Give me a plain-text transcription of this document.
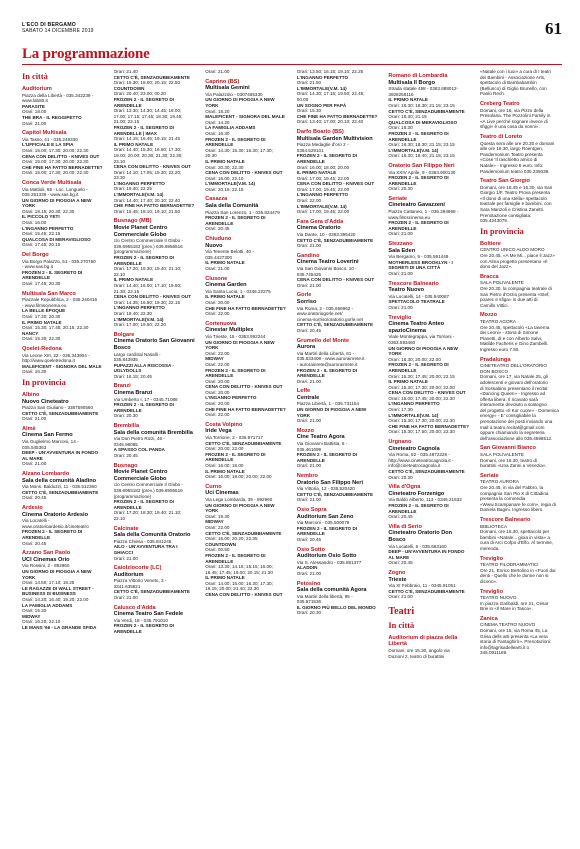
L'ECO DI BERGAMO
SABATO 14 DICEMBRE 2019	61
La programmazione
In città
Auditorium
Piazza della Libertà - 035.342239 -
www.lab80.it
PARASITE
Orari: 18.00
THE BRA - IL REGGIPETTO
Orari: 21.00
Capitol Multisala
Via Tasso, 41 - 035.249330
L'UFFICIALE E LA SPIA
Orari: 15.00; 17.30; 20.00; 22.30
CENA CON DELITTO - KNIVES OUT
Orari: 15.00; 17.30; 20.00; 22.30
CHE FINE HA FATTO BERNADETTE?
Orari: 15.00; 17.30; 20.00; 22.30
Conca Verde Multisala
Via Mattioli, 65 - Loc. Longuelo -
035.251339 - www.sas.bg.it
UN GIORNO DI PIOGGIA A NEW YORK
Orari: 18.15; 20.30; 22.30
IL PICCOLO YETI
Orari: 16.00
L'INGANNO PERFETTO
Orari: 15.45; 22.15
QUALCOSA DI MERAVIGLIOSO
Orari: 17.45; 20.15
Del Borgo
Via Borgo Palazzo, 51 - 035.270760
- www.sas.bg.it
FROZEN 2 - IL SEGRETO DI ARENDELLE
Orari: 17.45; 20.30
Multisala San Marco
Piazzale Repubblica, 2 - 035.240416
- www.filmscinema.eu
LA BELLE ÉPOQUE
Orari: 17.30; 20.30
IL PRIMO NATALE
Orari: 15.30; 17.45; 20.15; 22.30
NANCY
Orari: 15.30; 22.30
Qoelet-Redona
Via Leone XIII, 22 - 035.343904 -
http://www.qoeletredona.it
MALEFICENT - SIGNORA DEL MALE
Orari: 16.30
In provincia
Albino
Nuovo Cineteatro
Piazza San Giuliano - 3387590560
CETTO C'È, SENZADUBBIAMENTE
Orari: 21.00
Almè
Cinema San Fermo
Via Guglielmo Marconi, 14 -
035.545363
DEEP - UN'AVVENTURA IN FONDO AL MARE
Orari: 21.00
Alzano Lombardo
Sala della comunità Aladino
Via Mons. Balduzzi, 11 - 035.512360
CETTO C'È, SENZADUBBIAMENTE
Orari: 20.45
Ardesio
Cinema Oratorio Ardesio
Via Locatelli -
www.oratorioardesio.it/cineteatro
FROZEN 2 - IL SEGRETO DI ARENDELLE
Orari: 20.45
Azzano San Paolo
UCI Cinemas Orio
Via Rossini, 2 - 892960
UN GIORNO DI PIOGGIA A NEW YORK
Orari: 14.50; 17.10; 19.25
LE RAGAZZE DI WALL STREET - BUSINESS IS BUSINESS
Orari: 14.20; 16.40; 19.20; 22.00
LA FAMIGLIA ADDAMS
Orari: 15.30
MIDWAY
Orari: 16.20; 22.10
LE MANS '66 - LA GRANDE SFIDA
Orari: 21.40
CETTO C'È, SENZADUBBIAMENTE
Orari: 15.30; 18.00; 20.15; 22.50
COUNTDOWN
Orari: 20.40; 23.00; 00.20
FROZEN 2 - IL SEGRETO DI ARENDELLE
Orari: 13.30; 14.30; 14.45; 16.00;
17.00; 17.15; 17.45; 18.30; 19.45;
21.00; 22.15
FROZEN 2 - IL SEGRETO DI ARENDELLE | IMAX
Orari: 14.15; 16.45; 19.15; 21.45
IL PRIMO NATALE
Orari: 14.40; 15.30; 16.50; 17.30;
19.00; 20.00; 20.30; 21.30; 22.30;
23.10
CENA CON DELITTO - KNIVES OUT
Orari: 14.10; 17.05; 19.30; 22.20;
23.30
L'INGANNO PERFETTO
Orari: 19.40; 22.25
L'IMMORTALE(V.M. 14)
Orari: 14.40; 17.40; 20.10; 22.40
CHE FINE HA FATTO BERNADETTE?
Orari: 15.45; 18.10; 19.10; 21.50
Busnago (MB)
Movie Planet Centro Commerciale Globo
c/o Centro Commerciale Il Globo -
039.6955182 (prev.) 039.6956516
(programmazione)
FROZEN 2 - IL SEGRETO DI ARENDELLE
Orari: 17.20; 18.30; 19.40; 21.10;
22.10
IL PRIMO NATALE
Orari: 14.40; 16.00; 17.10; 19.50;
21.30; 22.15
CENA CON DELITTO - KNIVES OUT
Orari: 14.35; 16.50; 19.30; 22.15
L'INGANNO PERFETTO
Orari: 19.40; 22.30
L'IMMORTALE(V.M. 14)
Orari: 17.00; 19.50; 22.20
Bolgare
Cinema Oratorio San Giovanni Bosco
Largo cardinal Nasalli -
035.843935
PUPAZZI ALLA RISCOSSA - UGLYDOLLS
Orari: 16.15; 20.45
Branzi
Cinema Branzi
Via Umberto I, 17 - 0345.71088
FROZEN 2 - IL SEGRETO DI ARENDELLE
Orari: 20.30
Brembilla
Sala della comunità Brembilla
Via Don Pietro Rizzi, 46 -
0345.98065
A SPASSO COL PANDA
Orari: 20.45
Busnago
Movie Planet Centro Commerciale Globo
c/o Centro Commerciale Il Globo -
039.6955182 (prev.) 039.6956516
(programmazione)
FROZEN 2 - IL SEGRETO DI ARENDELLE
Orari: 17.20; 18.30; 19.40; 21.10;
22.10
Calcinate
Sala della Comunità Oratorio
Piazza Chiesa - 035.841245
AILO - UN'AVVENTURA TRA I GHIACCI
Orari: 21.00
Caiolziocorte (LC)
Auditorium
Piazza Vittorio Veneto, 3 -
0341.635821
CETTO C'È, SENZADUBBIAMENTE
Orari: 21.00
Calusco d'Adda
Cinema Teatro San Fedele
Via Verdi, 18 - 035.791010
FROZEN 2 - IL SEGRETO DI ARENDELLE
Orari: 21.00
Caprino (BS)
Multisala Gemini
Via Palazzolo - 0307465330
UN GIORNO DI PIOGGIA A NEW YORK
Orari: 18.20
MALEFICENT - SIGNORA DEL MALE
Orari: 14.20
LA FAMIGLIA ADDAMS
Orari: 16.30
FROZEN 2 - IL SEGRETO DI ARENDELLE
Orari: 14.30; 15.30; 16.30; 17.30;
20.30
IL PRIMO NATALE
Orari: 20.30; 22.30
CENA CON DELITTO - KNIVES OUT
Orari: 16.00; 22.10
L'IMMORTALE(V.M. 14)
Orari: 20.15; 22.15
Casazza
Sala della Comunità
Piazza San Lorenzo, 1 - 035.824479
FROZEN 2 - IL SEGRETO DI ARENDELLE
Orari: 20.45
Chiuduno
Nuovo
Via Tenente Belotti, 40 -
035.4427300
IL PRIMO NATALE
Orari: 21.00
Clusone
Cinema Garden
Via Santa Lucia, 1 - 0346.22275
IL PRIMO NATALE
Orari: 20.00
CHE FINE HA FATTO BERNADETTE?
Orari: 22.00
Cortenuova
Cinestar Multiplex
Via Trieste, 15 - 0363.992244
UN GIORNO DI PIOGGIA A NEW YORK
Orari: 22.00
MIDWAY
Orari: 22.00
FROZEN 2 - IL SEGRETO DI ARENDELLE
Orari: 20.00
CENA CON DELITTO - KNIVES OUT
Orari: 20.00
L'INGANNO PERFETTO
Orari: 20.00
CHE FINE HA FATTO BERNADETTE?
Orari: 22.00
Costa Volpino
Iride Vega
Via Torrione, 2 - 035.971717
CETTO C'È, SENZADUBBIAMENTE
Orari: 20.00; 22.00
FROZEN 2 - IL SEGRETO DI ARENDELLE
Orari: 16.00; 18.00
IL PRIMO NATALE
Orari: 16.00; 18.00; 20.00; 22.00
Curno
Uci Cinemas
Via Lega Lombarda, 39 - 892960
UN GIORNO DI PIOGGIA A NEW YORK
Orari: 19.30
MIDWAY
Orari: 22.00
CETTO C'È, SENZADUBBIAMENTE
Orari: 16.00; 20.20; 22.35
COUNTDOWN
Orari: 00.50
FROZEN 2 - IL SEGRETO DI ARENDELLE
Orari: 13.30; 14.15; 15.15; 16.00;
16.45; 17.45; 19.00; 20.15; 21.30
IL PRIMO NATALE
Orari: 14.00; 15.00; 16.30; 17.30;
19.15; 20.00; 21.40; 22.30
CENA CON DELITTO - KNIVES OUT
Orari: 13.50; 16.15; 19.10; 22.25
L'INGANNO PERFETTO
Orari: 21.50
L'IMMORTALE(V.M. 14)
Orari: 14.30; 17.15; 19.50; 22.45;
00.00
UN SOGNO PER PAPÀ
Orari: 15.30
CHE FINE HA FATTO BERNADETTE?
Orari: 13.40; 17.00; 20.10; 22.40
Darfo Boario (BS)
Multisala Garden Multivision
Piazza Medaglie d'oro 2 -
0364.529101
FROZEN 2 - IL SEGRETO DI ARENDELLE
Orari: 16.00; 18.00; 20.00
IL PRIMO NATALE
Orari: 17.00; 19.45; 22.00
CENA CON DELITTO - KNIVES OUT
Orari: 17.00; 19.45; 22.00
L'INGANNO PERFETTO
Orari: 22.00
L'IMMORTALE(V.M. 14)
Orari: 17.00; 19.45; 22.00
Fara Gera d'Adda
Cinema Oratorio
Via Dante, 10 - 0363.395420
CETTO C'È, SENZADUBBIAMENTE
Orari: 21.00
Gandino
Cinema Teatro Loverini
Via San Giovanni Bosco, 10 -
035.745425
CENA CON DELITTO - KNIVES OUT
Orari: 21.00
Gorle
Sorriso
Via Roma, 2 - 035.656962 -
www.oratoriogorle.net/
cinema-sorriso/oratorio.gorle.net
CETTO C'È, SENZADUBBIAMENTE
Orari: 20.45
Grumello del Monte
Aurora
Via Martiri della Libertà, 61 -
035.833408 - www.aurorainrete.it
- aurorainrete@aurorainrete.it
FROZEN 2 - IL SEGRETO DI ARENDELLE
Orari: 21.00
Leffe
Centrale
Piazza Libertà, 1 - 035.731154
UN GIORNO DI PIOGGIA A NEW YORK
Orari: 21.00
Mozzo
Cine Teatro Agora
Via Giovanni Battista, 6 -
035.461699
FROZEN 2 - IL SEGRETO DI ARENDELLE
Orari: 21.00
Nembro
Oratorio San Filippo Neri
Via Vittoria, 12 - 035.520420
CETTO C'È, SENZADUBBIAMENTE
Orari: 21.00
Osio Sopra
Auditorium San Zeno
Via Marconi - 035.500079
FROZEN 2 - IL SEGRETO DI ARENDELLE
Orari: 20.45
Osio Sotto
Auditorium Osio Sotto
Via S. Alessandro - 035.881377
ALADDIN
Orari: 21.00
Petosino
Sala della comunità Agora
Via Martiri della libertà, 95 -
035.571536
IL GIORNO PIÙ BELLO DEL MONDO
Orari: 20.30
Romano di Lombardia
Multisala Il Borgo
Strada statale 498 - 0363.688012-
3928258116
IL PRIMO NATALE
Orari: 16.30; 18.30; 21.15; 23.15
CETTO C'È, SENZADUBBIAMENTE
Orari: 16.30; 21.15
QUALCOSA DI MERAVIGLIOSO
Orari: 16.30
FROZEN 2 - IL SEGRETO DI ARENDELLE
Orari: 16.30; 18.30; 21.15; 23.15
L'IMMORTALE(V.M. 14)
Orari: 16.30; 18.40; 21.15; 23.15
Oratorio San Filippo Neri
Via XXIV Aprile, 9 - 0363.900130
FROZEN 2 - IL SEGRETO DI ARENDELLE
Orari: 20.30
Seriate
Cineteatro Gavazzeni
Piazza Cattaneo, 1 - 035.294868 -
www.filmscinema.eu
FROZEN 2 - IL SEGRETO DI ARENDELLE
Orari: 21.00
Stezzano
Sala Eden
Via Bergamo, 9 - 035.591449
MOTHERLESS BROOKLYN - I SEGRETI DI UNA CITTÀ
Orari: 21.00
Trescore Balneario
Teatro Nuovo
Via Locatelli, 14 - 035.940087
SPETTACOLO TEATRALE
Orari: 21.00
Treviglio
Cinema Teatro Anteo spazioCinema
Viale Montegrappa, via Torriani -
0363.593460
UN GIORNO DI PIOGGIA A NEW YORK
Orari: 16.30; 20.00; 22.00
FROZEN 2 - IL SEGRETO DI ARENDELLE
Orari: 15.30; 17.45; 20.00; 22.15
IL PRIMO NATALE
Orari: 15.30; 17.30; 20.00; 22.00
CENA CON DELITTO - KNIVES OUT
Orari: 15.00; 17.45; 20.00; 22.30
L'INGANNO PERFETTO
Orari: 17.30
L'IMMORTALE(V.M. 14)
Orari: 15.30; 17.30; 20.00; 22.30
CHE FINE HA FATTO BERNADETTE?
Orari: 15.30; 17.50; 20.00; 22.30
Urgnano
Cineteatro Cagnola
Via Roma, 82 - 035.4872228 -
http://www.cineteatrocagnola.it -
info@cineteatrocagnola.it
CETTO C'È, SENZADUBBIAMENTE
Orari: 20.30
Villa d'Ogna
Cineteatro Forzenigo
Via Baldo Alberto, 113 - 0346.21532
FROZEN 2 - IL SEGRETO DI ARENDELLE
Orari: 20.45
Villa di Serio
Cineteatro Oratorio Don Bosco
Via Locatelli, 6 - 035.663160
DEEP - UN'AVVENTURA IN FONDO AL MARE
Orari: 20.45
Zogno
Trieste
Via XI Febbraio, 11 - 0345.91051
CETTO C'È, SENZADUBBIAMENTE
Orari: 21.00
Teatri
In città
Auditorium di piazza della Libertà
Domani, ore 15.30, angolo via
Duzioni 2, teatro di burattini
«Natale con i tuoi» a cura di I teatri
dei Bambini - Associazione Arts,
spettacolo di Bambabambin
(Bellunco) di Giglio Brunello, con
Paolo Rech.
Creberg Teatro
Domani, ore 16, via Pizzo della
Presolana. The Pozzolini Family in
«A Live perché sognare invece di
sfiggi» è una cosa da nonni».
Teatro di Loreto
Questa sera alle ore 20.30 e domani
alle ore 16.30, largo Roentgen,
Pandemonium Teatro presenta
«Cose 'Il raschietto amico di
Natale» - Ingresso 6 euro. Info:
Pandemonium teatro 035.235039.
Teatro San Giorgio
Domani, ore 16.45 e 16.30, via San
Giorgio 1/F. Teatro Prova presenta
«Il dono di una stella» spettacolo
teatrale per famiglie e bambini, con
Sara Manzoli e Cristina Zanetti.
Prenotazione consigliata:
035.4243079.
In provincia
Boltiere
CENTRO UNICO ALDO MORO
Ore 20.45, «A Me Mi... piace il Jazz»
con Alma progetto presentano «Il
dono del Jazz».
Bracca
SALA POLIVALENTE
Ore 20.30, la compagnia teatrale di
San Pietro d'Orzio presenta «Stef,
poarec e sfiga» in due atti di
Camillo Vittici.
Mozzo
TEATRO AGORA
Ore 20.45, spettacolo «La taverna
dei Leoni» - storia di Simone
Pianetti, di e con Alberto Salvi,
Matilde Facheris e Gino Zambelli.
Ingresso euro 7.50.
Pradalunga
CINETEATRO DELL'ORATORIO
DON BOSCO
Domani, ore 17, via Natale 25, gli
adolescenti e giovani dell'oratorio
di Sossabino presentano il recital
«Dancing Queen» - Ingresso ad
offerta libera. Il ricavato sarà
interamente devoluto a sostegno
del progetto «Il Kor cuore» - Domenica
energy» - E' consigliabile la
prenotazione dei posti inviando una
mail a teatro.recital@gmail.com
oppure chiamando la segreteria
dell'associazione allo 035.4598512.
San Giovanni Bianco
SALA POLIVALENTE
Domani, ore 16.30, teatro di
burattini «Una Zanni a Venezia».
Seriate
TEATRO AURORA
Ore 20.45, in via del Fabbro, la
compagnia San Pio X di Cittadina
presenta la commedia
«Www.Scampanare fe com», regia di
Daniela Bagini. Ingresso libero.
Trescore Balneario
BIBLIOTECA
Domani, ore 16.30, spettacolo per
bambini «Natale... gioia in vista» a
cura di Arci Cofpo d'Elfo. Al termine,
merenda.
Treviglio
TEATRO FILODRAMMATICI
Ore 21, Enrico Bertolino in «Fuori dai
denti - Quello che le donne non si
dicono».
Treviglio
TEATRO NUOVO
In piazza Garibaldi, ore 21, César
Brie in «Il Mare in Tasca».
Zanica
CINEMA TEATRO NUOVO
Domani, ore 15, via Roma 45, La
Grisa dells arti presenta «La vera
storia di Fantaghirò». Prenotazioni:
info@lagrisadellearti.it o
346.0911169.
